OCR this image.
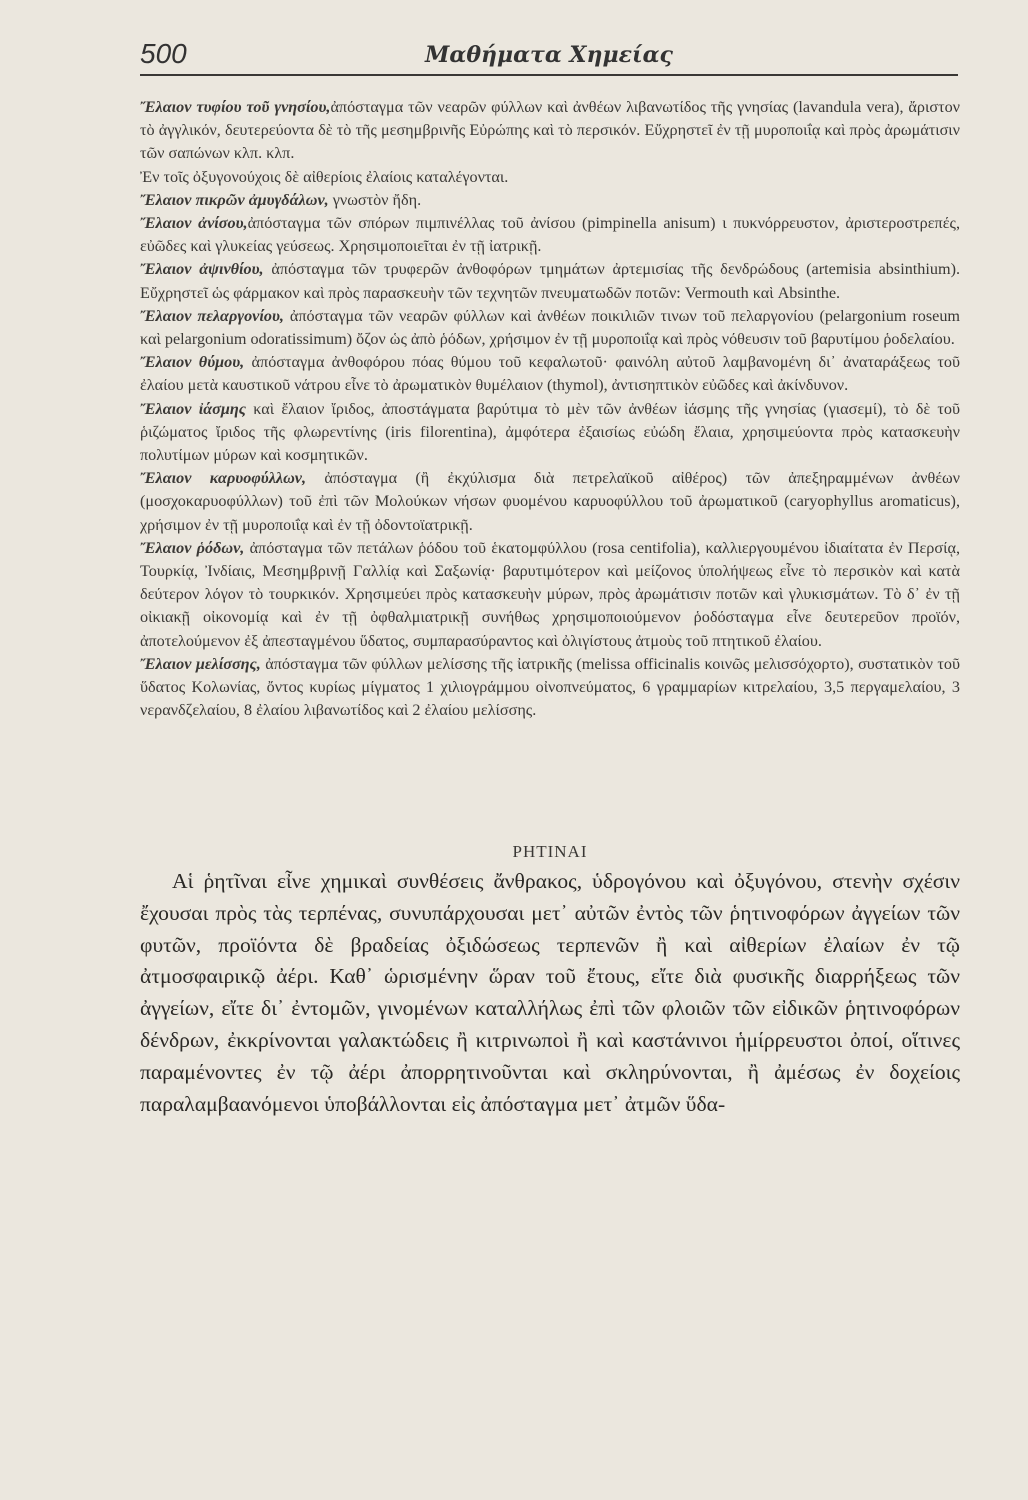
500	Μαθήματα Χημείας

Ἔλαιον τυφίου τοῦ γνησίου,ἀπόσταγμα τῶν νεαρῶν φύλλων καὶ ἀνθέων λιβανωτίδος τῆς γνησίας (lavandula vera), ἄριστον τὸ ἀγγλικόν, δευτερεύοντα δὲ τὸ τῆς μεσημβρινῆς Εὐρώπης καὶ τὸ περσικόν. Εὔχρηστεῖ ἐν τῇ μυροποιΐᾳ καὶ πρὸς ἀρωμάτισιν τῶν σαπώνων κλπ. κλπ.

Ἐν τοῖς ὀξυγονούχοις δὲ αἰθερίοις ἐλαίοις καταλέγονται.

Ἔλαιον πικρῶν ἀμυγδάλων, γνωστὸν ἤδη.

Ἔλαιον ἀνίσου,ἀπόσταγμα τῶν σπόρων πιμπινέλλας τοῦ ἀνίσου (pimpinella anisum) ι πυκνόρρευστον, ἀριστεροστρεπές, εὐῶδες καὶ γλυκείας γεύσεως. Χρησιμοποιεῖται ἐν τῇ ἰατρικῇ.

Ἔλαιον ἀψινθίου, ἀπόσταγμα τῶν τρυφερῶν ἀνθοφόρων τμημάτων ἀρτεμισίας τῆς δενδρώδους (artemisia absinthium). Εὔχρηστεῖ ὡς φάρμακον καὶ πρὸς παρασκευὴν τῶν τεχνητῶν πνευματωδῶν ποτῶν: Vermouth καὶ Absinthe.

Ἔλαιον πελαργονίου, ἀπόσταγμα τῶν νεαρῶν φύλλων καὶ ἀνθέων ποικιλιῶν τινων τοῦ πελαργονίου (pelargonium roseum καὶ pelargonium odoratissimum) ὄζον ὡς ἀπὸ ῥόδων, χρήσιμον ἐν τῇ μυροποιΐᾳ καὶ πρὸς νόθευσιν τοῦ βαρυτίμου ῥοδελαίου.

Ἔλαιον θύμου, ἀπόσταγμα ἀνθοφόρου πόας θύμου τοῦ κεφαλωτοῦ· φαινόλη αὐτοῦ λαμβανομένη δι᾽ ἀναταράξεως τοῦ ἐλαίου μετὰ καυστικοῦ νάτρου εἶνε τὸ ἀρωματικὸν θυμέλαιον (thymol), ἀντισηπτικὸν εὐῶδες καὶ ἀκίνδυνον.

Ἔλαιον ἰάσμης καὶ ἔλαιον ἴριδος, ἀποστάγματα βαρύτιμα τὸ μὲν τῶν ἀνθέων ἰάσμης τῆς γνησίας (γιασεμί), τὸ δὲ τοῦ ῥιζώματος ἴριδος τῆς φλωρεντίνης (iris filorentina), ἀμφότερα ἐξαισίως εὐώδη ἔλαια, χρησιμεύοντα πρὸς κατασκευὴν πολυτίμων μύρων καὶ κοσμητικῶν.

Ἔλαιον καρυοφύλλων, ἀπόσταγμα (ἢ ἐκχύλισμα διὰ πετρελαϊκοῦ αἰθέρος) τῶν ἀπεξηραμμένων ἀνθέων (μοσχοκαρυοφύλλων) τοῦ ἐπὶ τῶν Μολούκων νήσων φυομένου καρυοφύλλου τοῦ ἀρωματικοῦ (caryophyllus aromaticus), χρήσιμον ἐν τῇ μυροποιΐᾳ καὶ ἐν τῇ ὀδοντοϊατρικῇ.

Ἔλαιον ῥόδων, ἀπόσταγμα τῶν πετάλων ῥόδου τοῦ ἑκατομφύλλου (rosa centifolia), καλλιεργουμένου ἰδιαίτατα ἐν Περσίᾳ, Τουρκίᾳ, Ἰνδίαις, Μεσημβρινῇ Γαλλίᾳ καὶ Σαξωνίᾳ· βαρυτιμότερον καὶ μείζονος ὑπολήψεως εἶνε τὸ περσικὸν καὶ κατὰ δεύτερον λόγον τὸ τουρκικόν. Χρησιμεύει πρὸς κατασκευὴν μύρων, πρὸς ἀρωμάτισιν ποτῶν καὶ γλυκισμάτων. Τὸ δ᾽ ἐν τῇ οἰκιακῇ οἰκονομίᾳ καὶ ἐν τῇ ὀφθαλμιατρικῇ συνήθως χρησιμοποιούμενον ῥοδόσταγμα εἶνε δευτερεῦον προϊόν, ἀποτελούμενον ἐξ ἀπεσταγμένου ὕδατος, συμπαρασύραντος καὶ ὀλιγίστους ἀτμοὺς τοῦ πτητικοῦ ἐλαίου.

Ἔλαιον μελίσσης, ἀπόσταγμα τῶν φύλλων μελίσσης τῆς ἰατρικῆς (melissa officinalis κοινῶς μελισσόχορτο), συστατικὸν τοῦ ὕδατος Κολωνίας, ὄντος κυρίως μίγματος 1 χιλιογράμμου οἰνοπνεύματος, 6 γραμμαρίων κιτρελαίου, 3,5 περγαμελαίου, 3 νερανδζελαίου, 8 ἐλαίου λιβανωτίδος καὶ 2 ἐλαίου μελίσσης.

ΡΗΤΙΝΑΙ

Αἱ ῥητῖναι εἶνε χημικαὶ συνθέσεις ἄνθρακος, ὑδρογόνου καὶ ὀξυγόνου, στενὴν σχέσιν ἔχουσαι πρὸς τὰς τερπένας, συνυπάρχουσαι μετ᾽ αὐτῶν ἐντὸς τῶν ῥητινοφόρων ἀγγείων τῶν φυτῶν, προϊόντα δὲ βραδείας ὀξιδώσεως τερπενῶν ἢ καὶ αἰθερίων ἐλαίων ἐν τῷ ἀτμοσφαιρικῷ ἀέρι. Καθ᾽ ὡρισμένην ὥραν τοῦ ἔτους, εἴτε διὰ φυσικῆς διαρρήξεως τῶν ἀγγείων, εἴτε δι᾽ ἐντομῶν, γινομένων καταλλήλως ἐπὶ τῶν φλοιῶν τῶν εἰδικῶν ῥητινοφόρων δένδρων, ἐκκρίνονται γαλακτώδεις ἢ κιτρινωποὶ ἢ καὶ καστάνινοι ἡμίρρευστοι ὀποί, οἵτινες παραμένοντες ἐν τῷ ἀέρι ἀπορρητινοῦνται καὶ σκληρύνονται, ἢ ἀμέσως ἐν δοχείοις παραλαμβαανόμενοι ὑποβάλλονται εἰς ἀπόσταγμα μετ᾽ ἀτμῶν ὕδα-
